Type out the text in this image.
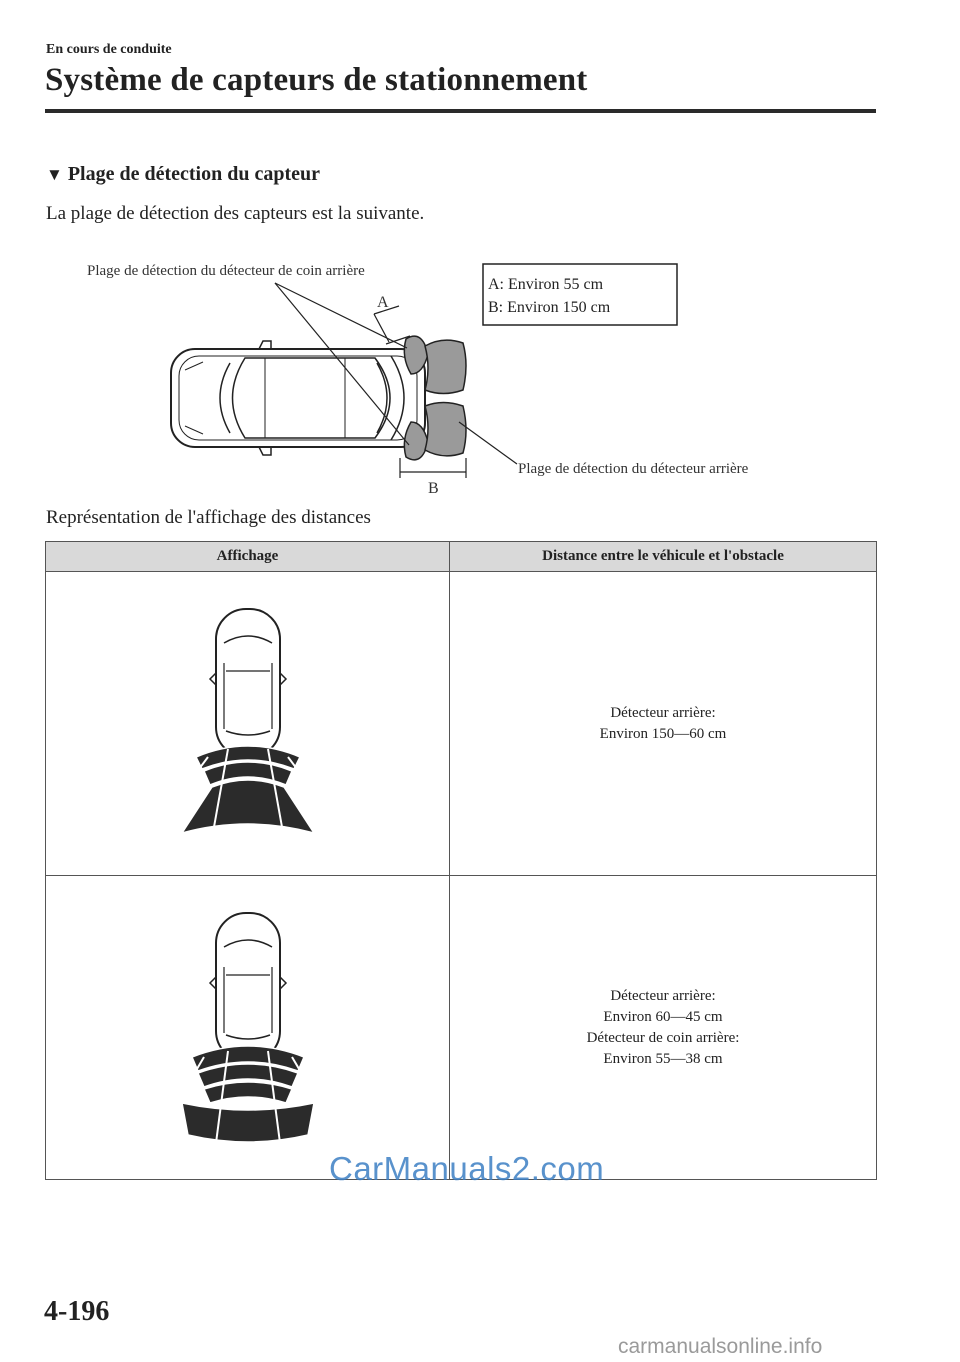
En cours de conduite
Système de capteurs de stationnement
▼ Plage de détection du capteur
La plage de détection des capteurs est la suivante.
Plage de détection du détecteur de coin arrière
Plage de détection du détecteur arrière
A
B
A: Environ 55 cm
B: Environ 150 cm
Représentation de l'affichage des distances
Affichage	Distance entre le véhicule et l'obstacle

Détecteur arrière:
Environ 150―60 cm

Détecteur arrière:
Environ 60―45 cm
Détecteur de coin arrière:
Environ 55―38 cm
CarManuals2.com
4-196
carmanualsonline.info
